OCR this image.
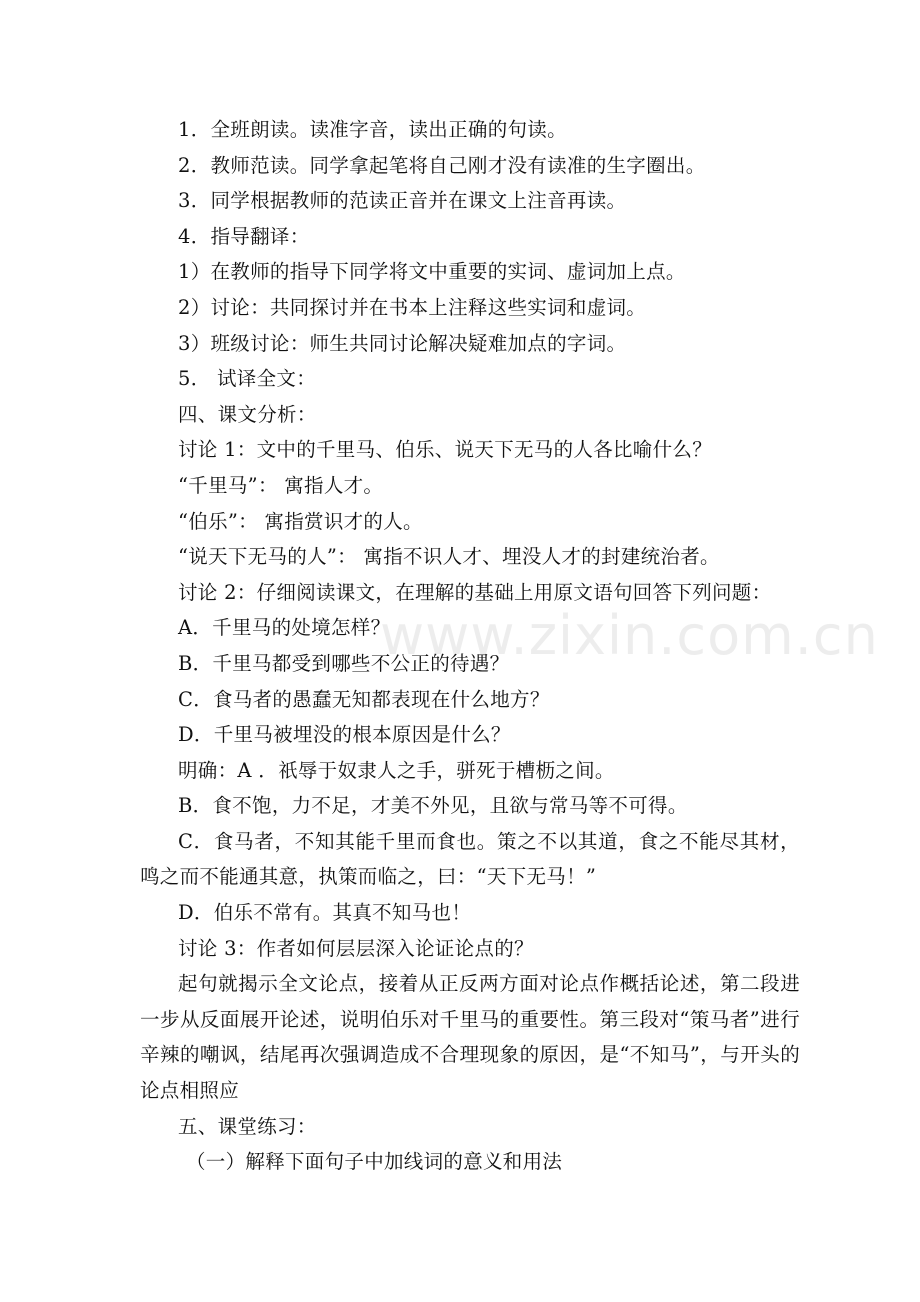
1．全班朗读。读准字音，读出正确的句读。
2．教师范读。同学拿起笔将自己刚才没有读准的生字圈出。
3．同学根据教师的范读正音并在课文上注音再读。
4．指导翻译：
1）在教师的指导下同学将文中重要的实词、虚词加上点。
2）讨论：共同探讨并在书本上注释这些实词和虚词。
3）班级讨论：师生共同讨论解决疑难加点的字词。
5． 试译全文：
四、课文分析：
讨论 1：文中的千里马、伯乐、说天下无马的人各比喻什么？
“千里马”： 寓指人才。
“伯乐”： 寓指赏识才的人。
“说天下无马的人”： 寓指不识人才、埋没人才的封建统治者。
讨论 2：仔细阅读课文，在理解的基础上用原文语句回答下列问题：
A．千里马的处境怎样？
B．千里马都受到哪些不公正的待遇？
C．食马者的愚蠢无知都表现在什么地方？
D．千里马被埋没的根本原因是什么？
明确：A ．祇辱于奴隶人之手，骈死于槽枥之间。
B．食不饱，力不足，才美不外见，且欲与常马等不可得。
C．食马者，不知其能千里而食也。策之不以其道，食之不能尽其材，鸣之而不能通其意，执策而临之，曰：“天下无马！”
D．伯乐不常有。其真不知马也！
讨论 3：作者如何层层深入论证论点的？
起句就揭示全文论点，接着从正反两方面对论点作概括论述，第二段进一步从反面展开论述，说明伯乐对千里马的重要性。第三段对“策马者”进行辛辣的嘲讽，结尾再次强调造成不合理现象的原因，是“不知马”，与开头的论点相照应
五、课堂练习：
（一）解释下面句子中加线词的意义和用法
www.zixin.com.cn
